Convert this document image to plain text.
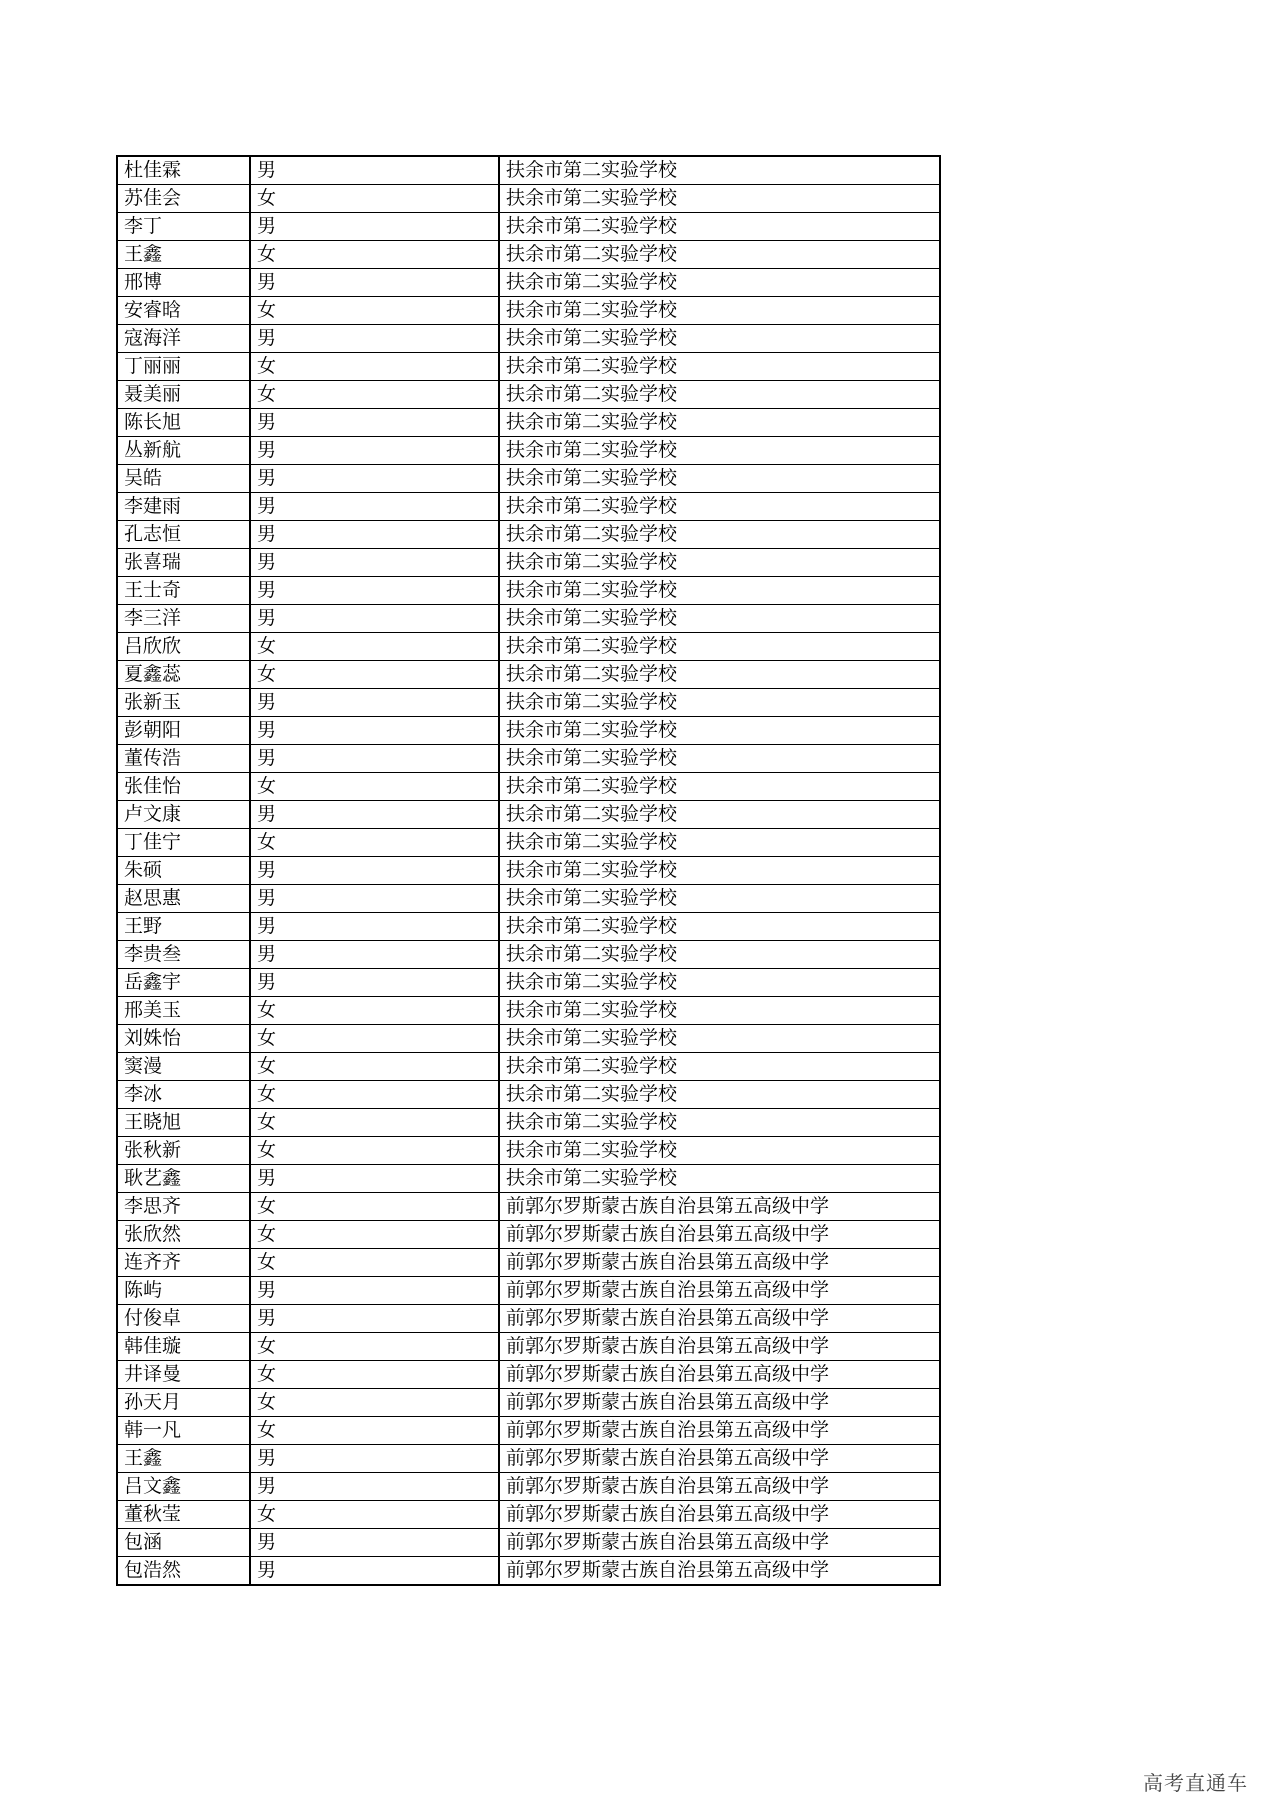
杜佳霖	男	扶余市第二实验学校
苏佳会	女	扶余市第二实验学校
李丁	男	扶余市第二实验学校
王鑫	女	扶余市第二实验学校
邢博	男	扶余市第二实验学校
安睿晗	女	扶余市第二实验学校
寇海洋	男	扶余市第二实验学校
丁丽丽	女	扶余市第二实验学校
聂美丽	女	扶余市第二实验学校
陈长旭	男	扶余市第二实验学校
丛新航	男	扶余市第二实验学校
吴皓	男	扶余市第二实验学校
李建雨	男	扶余市第二实验学校
孔志恒	男	扶余市第二实验学校
张喜瑞	男	扶余市第二实验学校
王士奇	男	扶余市第二实验学校
李三洋	男	扶余市第二实验学校
吕欣欣	女	扶余市第二实验学校
夏鑫蕊	女	扶余市第二实验学校
张新玉	男	扶余市第二实验学校
彭朝阳	男	扶余市第二实验学校
董传浩	男	扶余市第二实验学校
张佳怡	女	扶余市第二实验学校
卢文康	男	扶余市第二实验学校
丁佳宁	女	扶余市第二实验学校
朱硕	男	扶余市第二实验学校
赵思惠	男	扶余市第二实验学校
王野	男	扶余市第二实验学校
李贵叁	男	扶余市第二实验学校
岳鑫宇	男	扶余市第二实验学校
邢美玉	女	扶余市第二实验学校
刘姝怡	女	扶余市第二实验学校
窦漫	女	扶余市第二实验学校
李冰	女	扶余市第二实验学校
王晓旭	女	扶余市第二实验学校
张秋新	女	扶余市第二实验学校
耿艺鑫	男	扶余市第二实验学校
李思齐	女	前郭尔罗斯蒙古族自治县第五高级中学
张欣然	女	前郭尔罗斯蒙古族自治县第五高级中学
连齐齐	女	前郭尔罗斯蒙古族自治县第五高级中学
陈屿	男	前郭尔罗斯蒙古族自治县第五高级中学
付俊卓	男	前郭尔罗斯蒙古族自治县第五高级中学
韩佳璇	女	前郭尔罗斯蒙古族自治县第五高级中学
井译曼	女	前郭尔罗斯蒙古族自治县第五高级中学
孙天月	女	前郭尔罗斯蒙古族自治县第五高级中学
韩一凡	女	前郭尔罗斯蒙古族自治县第五高级中学
王鑫	男	前郭尔罗斯蒙古族自治县第五高级中学
吕文鑫	男	前郭尔罗斯蒙古族自治县第五高级中学
董秋莹	女	前郭尔罗斯蒙古族自治县第五高级中学
包涵	男	前郭尔罗斯蒙古族自治县第五高级中学
包浩然	男	前郭尔罗斯蒙古族自治县第五高级中学
高考直通车
